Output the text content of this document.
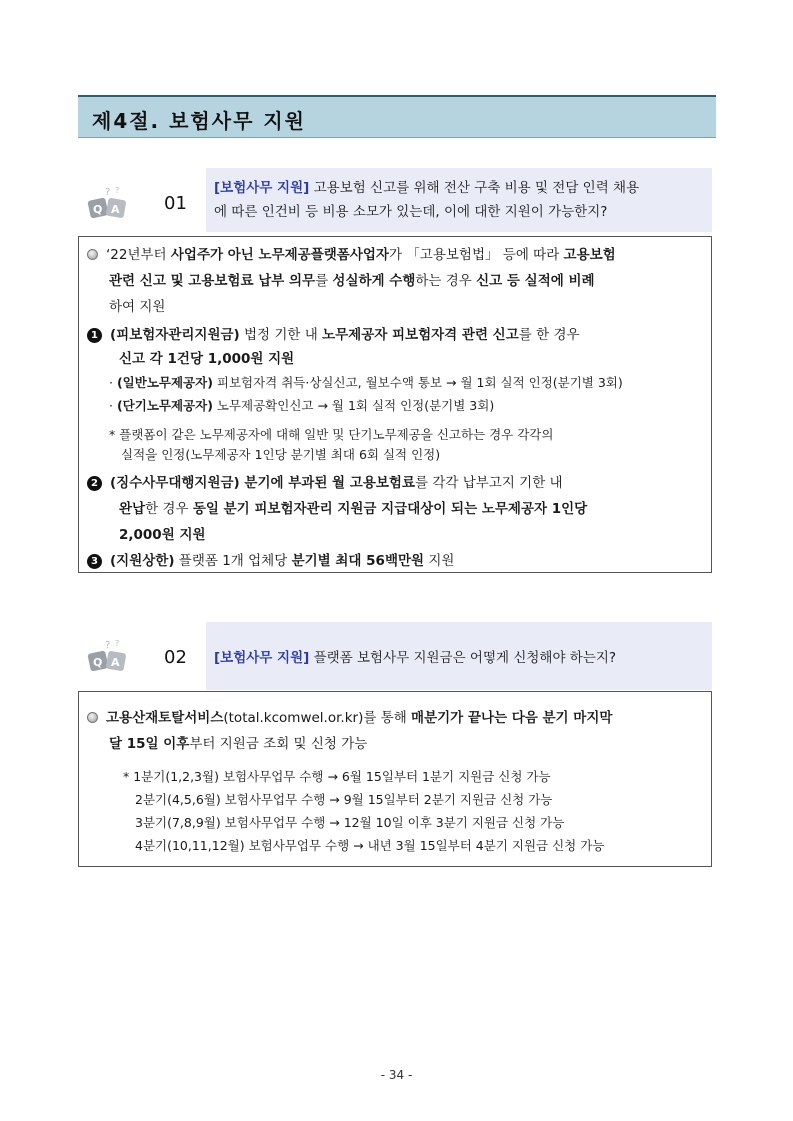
제4절. 보험사무 지원
? ?
Q A 01
[보험사무 지원] 고용보험 신고를 위해 전산 구축 비용 및 전담 인력 채용
에 따른 인건비 등 비용 소모가 있는데, 이에 대한 지원이 가능한지?
‘22년부터 사업주가 아닌 노무제공플랫폼사업자가 「고용보험법」 등에 따라 고용보험
관련 신고 및 고용보험료 납부 의무를 성실하게 수행하는 경우 신고 등 실적에 비례
하여 지원
1 (피보험자관리지원금) 법정 기한 내 노무제공자 피보험자격 관련 신고를 한 경우
신고 각 1건당 1,000원 지원
· (일반노무제공자) 피보험자격 취득·상실신고, 월보수액 통보 → 월 1회 실적 인정(분기별 3회)
· (단기노무제공자) 노무제공확인신고 → 월 1회 실적 인정(분기별 3회)
* 플랫폼이 같은 노무제공자에 대해 일반 및 단기노무제공을 신고하는 경우 각각의
실적을 인정(노무제공자 1인당 분기별 최대 6회 실적 인정)
2 (징수사무대행지원금) 분기에 부과된 월 고용보험료를 각각 납부고지 기한 내
완납한 경우 동일 분기 피보험자관리 지원금 지급대상이 되는 노무제공자 1인당
2,000원 지원
3 (지원상한) 플랫폼 1개 업체당 분기별 최대 56백만원 지원
? ?
Q A 02	[보험사무 지원] 플랫폼 보험사무 지원금은 어떻게 신청해야 하는지?
고용산재토탈서비스(total.kcomwel.or.kr)를 통해 매분기가 끝나는 다음 분기 마지막
달 15일 이후부터 지원금 조회 및 신청 가능
* 1분기(1,2,3월) 보험사무업무 수행 → 6월 15일부터 1분기 지원금 신청 가능
2분기(4,5,6월) 보험사무업무 수행 → 9월 15일부터 2분기 지원금 신청 가능
3분기(7,8,9월) 보험사무업무 수행 → 12월 10일 이후 3분기 지원금 신청 가능
4분기(10,11,12월) 보험사무업무 수행 → 내년 3월 15일부터 4분기 지원금 신청 가능
- 34 -
